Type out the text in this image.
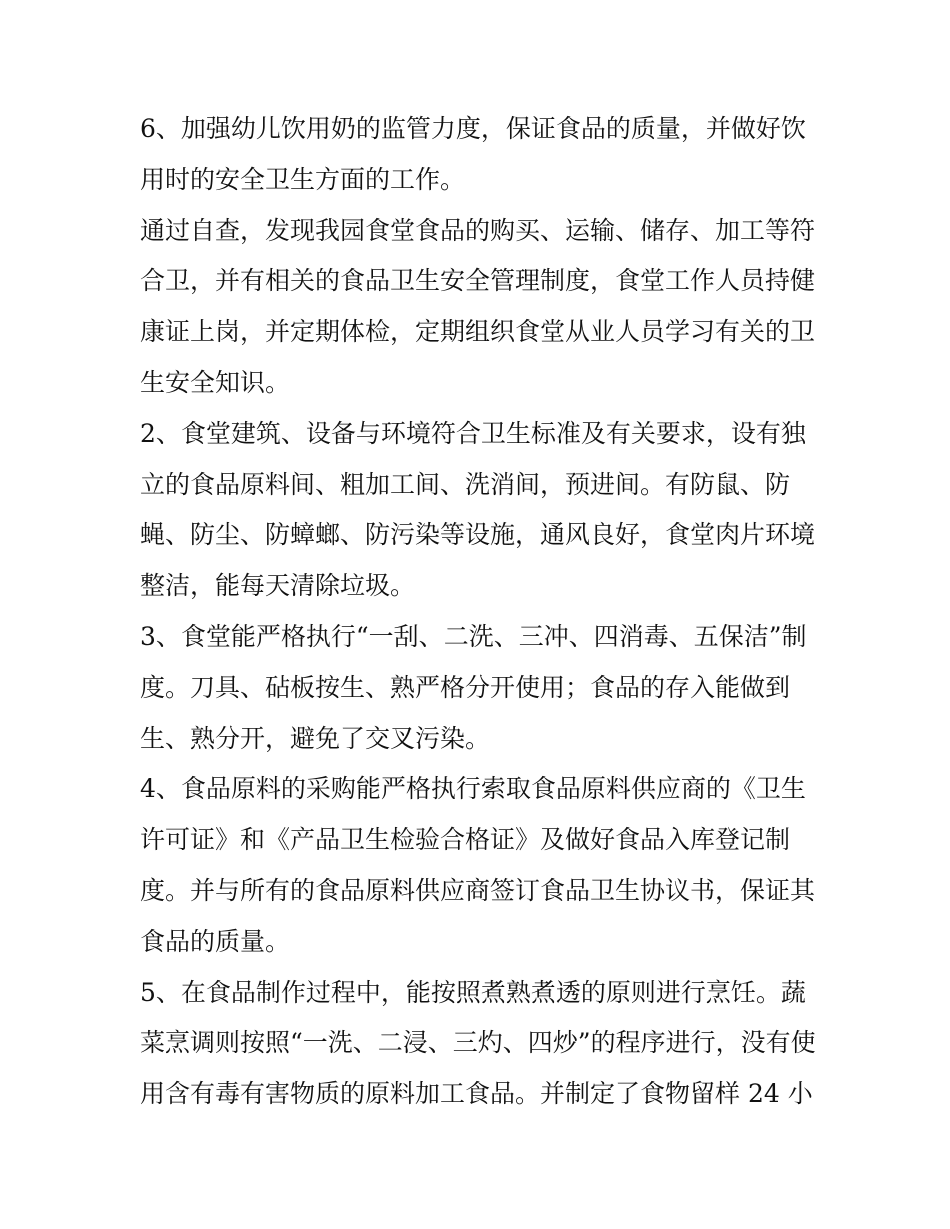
6、加强幼儿饮用奶的监管力度，保证食品的质量，并做好饮
用时的安全卫生方面的工作。
通过自查，发现我园食堂食品的购买、运输、储存、加工等符
合卫，并有相关的食品卫生安全管理制度，食堂工作人员持健
康证上岗，并定期体检，定期组织食堂从业人员学习有关的卫
生安全知识。
2、食堂建筑、设备与环境符合卫生标准及有关要求，设有独
立的食品原料间、粗加工间、洗消间，预进间。有防鼠、防
蝇、防尘、防蟑螂、防污染等设施，通风良好，食堂肉片环境
整洁，能每天清除垃圾。
3、食堂能严格执行“一刮、二洗、三冲、四消毒、五保洁”制
度。刀具、砧板按生、熟严格分开使用；食品的存入能做到
生、熟分开，避免了交叉污染。
4、食品原料的采购能严格执行索取食品原料供应商的《卫生
许可证》和《产品卫生检验合格证》及做好食品入库登记制
度。并与所有的食品原料供应商签订食品卫生协议书，保证其
食品的质量。
5、在食品制作过程中，能按照煮熟煮透的原则进行烹饪。蔬
菜烹调则按照“一洗、二浸、三灼、四炒”的程序进行，没有使
用含有毒有害物质的原料加工食品。并制定了食物留样 24 小
